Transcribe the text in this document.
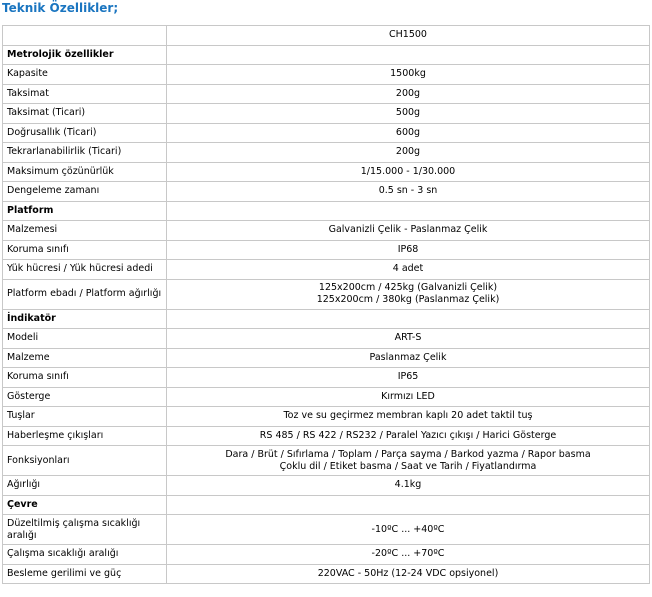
Teknik Özellikler;
	CH1500
Metrolojik özellikler	
Kapasite	1500kg
Taksimat	200g
Taksimat (Ticari)	500g
Doğrusallık (Ticari)	600g
Tekrarlanabilirlik (Ticari)	200g
Maksimum çözünürlük	1/15.000 - 1/30.000
Dengeleme zamanı	0.5 sn - 3 sn
Platform	
Malzemesi	Galvanizli Çelik - Paslanmaz Çelik
Koruma sınıfı	IP68
Yük hücresi / Yük hücresi adedi	4 adet
Platform ebadı / Platform ağırlığı	125x200cm / 425kg (Galvanizli Çelik)
125x200cm / 380kg (Paslanmaz Çelik)
İndikatör	
Modeli	ART-S
Malzeme	Paslanmaz Çelik
Koruma sınıfı	IP65
Gösterge	Kırmızı LED
Tuşlar	Toz ve su geçirmez membran kaplı 20 adet taktil tuş
Haberleşme çıkışları	RS 485 / RS 422 / RS232 / Paralel Yazıcı çıkışı / Harici Gösterge
Fonksiyonları	Dara / Brüt / Sıfırlama / Toplam / Parça sayma / Barkod yazma / Rapor basma
Çoklu dil / Etiket basma / Saat ve Tarih / Fiyatlandırma
Ağırlığı	4.1kg
Çevre	
Düzeltilmiş çalışma sıcaklığı
aralığı	-10ºC ... +40ºC
Çalışma sıcaklığı aralığı	-20ºC ... +70ºC
Besleme gerilimi ve güç	220VAC - 50Hz (12-24 VDC opsiyonel)
